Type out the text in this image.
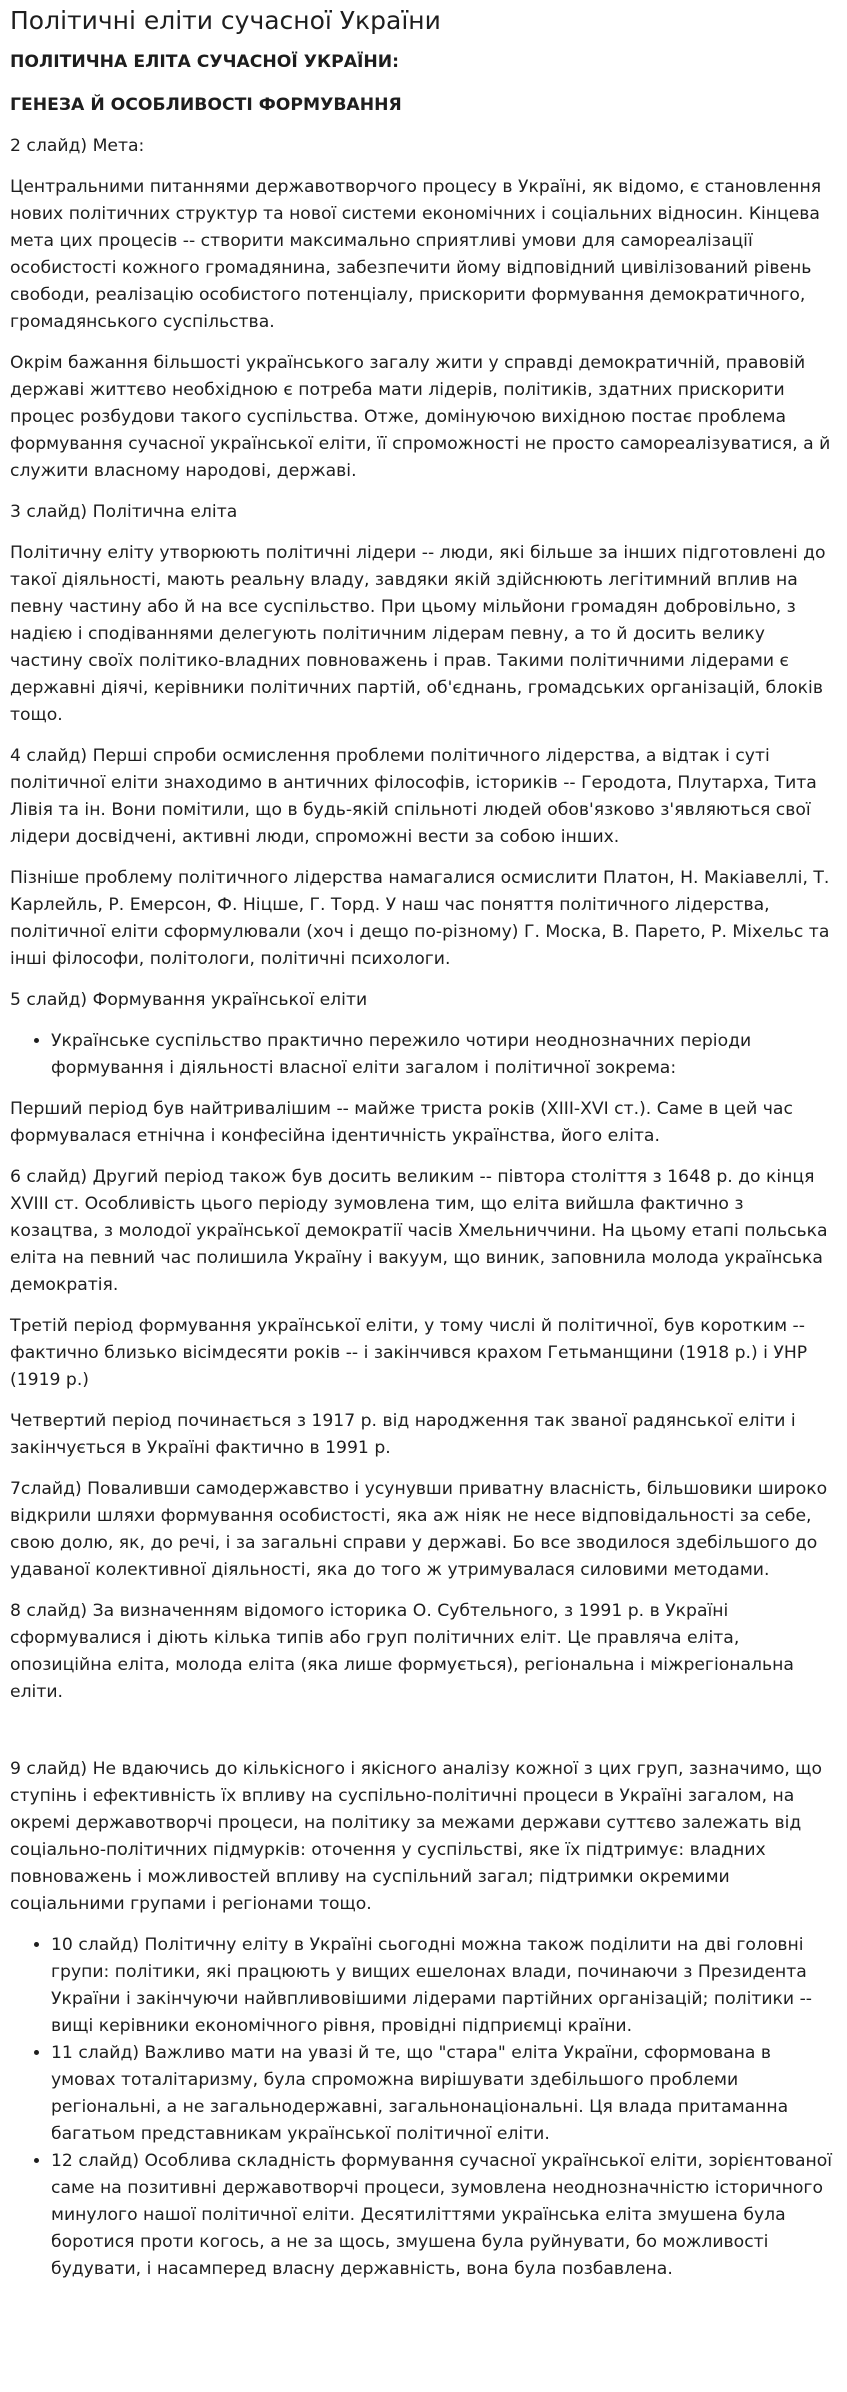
Політичні еліти сучасної України

ПОЛІТИЧНА ЕЛІТА СУЧАСНОЇ УКРАЇНИ:

ГЕНЕЗА Й ОСОБЛИВОСТІ ФОРМУВАННЯ

2 слайд) Мета:

Центральними питаннями державотворчого процесу в Україні, як відомо, є становлення нових політичних структур та нової системи економічних і соціальних відносин. Кінцева мета цих процесів -- створити максимально сприятливі умови для самореалізації особистості кожного громадянина, забезпечити йому відповідний цивілізований рівень свободи, реалізацію особистого потенціалу, прискорити формування демократичного, громадянського суспільства.

Окрім бажання більшості українського загалу жити у справді демократичній, правовій державі життєво необхідною є потреба мати лідерів, політиків, здатних прискорити процес розбудови такого суспільства. Отже, домінуючою вихідною постає проблема формування сучасної української еліти, її спроможності не просто самореалізуватися, а й служити власному народові, державі.

3 слайд) Політична еліта

Політичну еліту утворюють політичні лідери -- люди, які більше за інших підготовлені до такої діяльності, мають реальну владу, завдяки якій здійснюють легітимний вплив на певну частину або й на все суспільство. При цьому мільйони громадян добровільно, з надією і сподіваннями делегують політичним лідерам певну, а то й досить велику частину своїх політико-владних повноважень і прав. Такими політичними лідерами є державні діячі, керівники політичних партій, об'єднань, громадських організацій, блоків тощо.

4 слайд) Перші спроби осмислення проблеми політичного лідерства, а відтак і суті політичної еліти знаходимо в античних філософів, істориків -- Геродота, Плутарха, Тита Лівія та ін. Вони помітили, що в будь-якій спільноті людей обов'язково з'являються свої лідери досвідчені, активні люди, спроможні вести за собою інших.

Пізніше проблему політичного лідерства намагалися осмислити Платон, Н. Макіавеллі, Т. Карлейль, Р. Емерсон, Ф. Ніцше, Г. Торд. У наш час поняття політичного лідерства, політичної еліти сформулювали (хоч і дещо по-різному) Г. Моска, В. Парето, Р. Міхельс та інші філософи, політологи, політичні психологи.

5 слайд) Формування української еліти

• Українське суспільство практично пережило чотири неоднозначних періоди формування і діяльності власної еліти загалом і політичної зокрема:

Перший період був найтривалішим -- майже триста років (ХІІІ-ХVІ ст.). Саме в цей час формувалася етнічна і конфесійна ідентичність українства, його еліта.

6 слайд) Другий період також був досить великим -- півтора століття з 1648 р. до кінця ХVІІІ ст. Особливість цього періоду зумовлена тим, що еліта вийшла фактично з козацтва, з молодої української демократії часів Хмельниччини. На цьому етапі польська еліта на певний час полишила Україну і вакуум, що виник, заповнила молода українська демократія.

Третій період формування української еліти, у тому числі й політичної, був коротким -- фактично близько вісімдесяти років -- і закінчився крахом Гетьманщини (1918 р.) і УНР (1919 р.)

Четвертий період починається з 1917 р. від народження так званої радянської еліти і закінчується в Україні фактично в 1991 р.

7слайд) Поваливши самодержавство і усунувши приватну власність, більшовики широко відкрили шляхи формування особистості, яка аж ніяк не несе відповідальності за себе, свою долю, як, до речі, і за загальні справи у державі. Бо все зводилося здебільшого до удаваної колективної діяльності, яка до того ж утримувалася силовими методами.

8 слайд) За визначенням відомого історика О. Субтельного, з 1991 р. в Україні сформувалися і діють кілька типів або груп політичних еліт. Це правляча еліта, опозиційна еліта, молода еліта (яка лише формується), регіональна і міжрегіональна еліти.

9 слайд) Не вдаючись до кількісного і якісного аналізу кожної з цих груп, зазначимо, що ступінь і ефективність їх впливу на суспільно-політичні процеси в Україні загалом, на окремі державотворчі процеси, на політику за межами держави суттєво залежать від соціально-політичних підмурків: оточення у суспільстві, яке їх підтримує: владних повноважень і можливостей впливу на суспільний загал; підтримки окремими соціальними групами і регіонами тощо.

• 10 слайд) Політичну еліту в Україні сьогодні можна також поділити на дві головні групи: політики, які працюють у вищих ешелонах влади, починаючи з Президента України і закінчуючи найвпливовішими лідерами партійних організацій; політики -- вищі керівники економічного рівня, провідні підприємці країни.
• 11 слайд) Важливо мати на увазі й те, що "стара" еліта України, сформована в умовах тоталітаризму, була спроможна вирішувати здебільшого проблеми регіональні, а не загальнодержавні, загальнонаціональні. Ця влада притаманна багатьом представникам української політичної еліти.
• 12 слайд) Особлива складність формування сучасної української еліти, зорієнтованої саме на позитивні державотворчі процеси, зумовлена неоднозначністю історичного минулого нашої політичної еліти. Десятиліттями українська еліта змушена була боротися проти когось, а не за щось, змушена була руйнувати, бо можливості будувати, і насамперед власну державність, вона була позбавлена.
